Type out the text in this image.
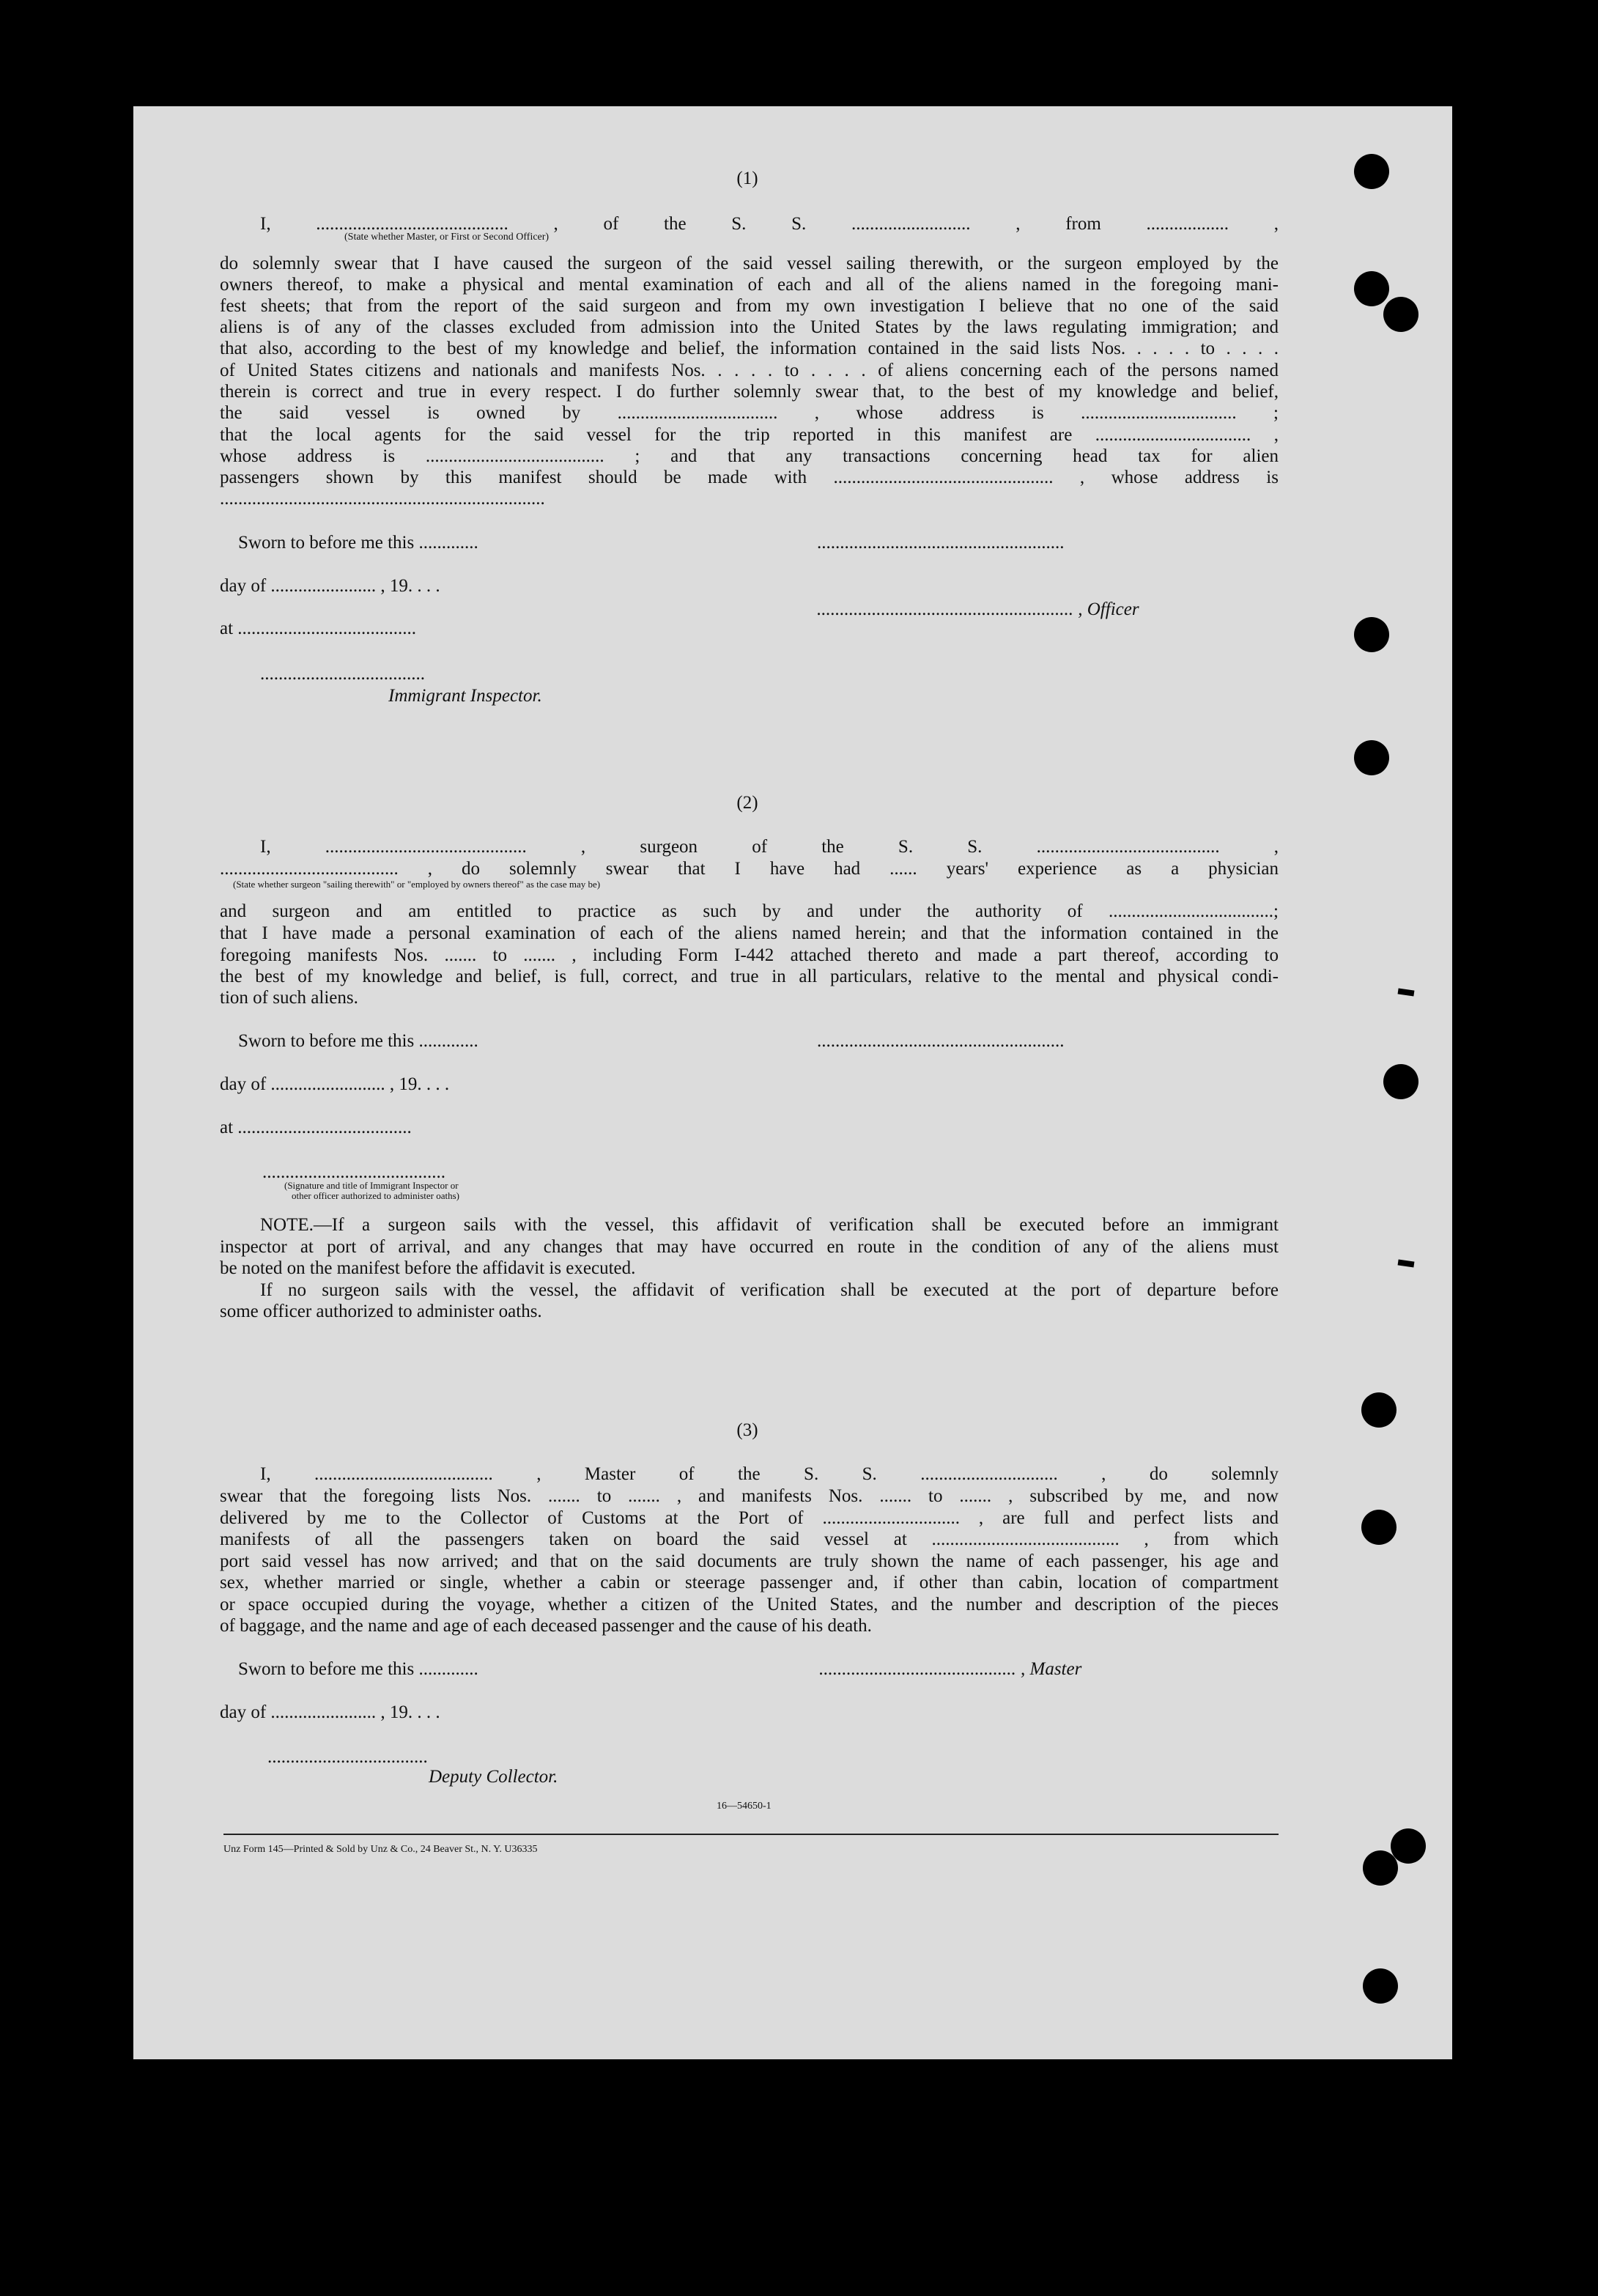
(1)
I, .......................................... , of the S. S. .......................... , from .................. ,
(State whether Master, or First or Second Officer)
do solemnly swear that I have caused the surgeon of the said vessel sailing therewith, or the surgeon employed by the
owners thereof, to make a physical and mental examination of each and all of the aliens named in the foregoing mani-
fest sheets; that from the report of the said surgeon and from my own investigation I believe that no one of the said
aliens is of any of the classes excluded from admission into the United States by the laws regulating immigration; and
that also, according to the best of my knowledge and belief, the information contained in the said lists Nos. . . . . to . . . .
of United States citizens and nationals and manifests Nos. . . . . to . . . . of aliens concerning each of the persons named
therein is correct and true in every respect. I do further solemnly swear that, to the best of my knowledge and belief,
the said vessel is owned by ................................... , whose address is .................................. ;
that the local agents for the said vessel for the trip reported in this manifest are .................................. ,
whose address is ....................................... ; and that any transactions concerning head tax for alien
passengers shown by this manifest should be made with ................................................ , whose address is
.......................................................................
Sworn to before me this .............	......................................................
day of ....................... , 19. . . .
........................................................ , Officer
at .......................................
....................................
Immigrant Inspector.
(2)
I, ............................................ , surgeon of the S. S. ........................................ ,
....................................... , do solemnly swear that I have had ...... years' experience as a physician
(State whether surgeon "sailing therewith" or "employed by owners thereof" as the case may be)
and surgeon and am entitled to practice as such by and under the authority of ....................................;
that I have made a personal examination of each of the aliens named herein; and that the information contained in the
foregoing manifests Nos. ....... to ....... , including Form I-442 attached thereto and made a part thereof, according to
the best of my knowledge and belief, is full, correct, and true in all particulars, relative to the mental and physical condi-
tion of such aliens.
Sworn to before me this .............	......................................................
day of ......................... , 19. . . .
at ......................................
........................................
(Signature and title of Immigrant Inspector or
other officer authorized to administer oaths)
NOTE.—If a surgeon sails with the vessel, this affidavit of verification shall be executed before an immigrant
inspector at port of arrival, and any changes that may have occurred en route in the condition of any of the aliens must
be noted on the manifest before the affidavit is executed.
If no surgeon sails with the vessel, the affidavit of verification shall be executed at the port of departure before
some officer authorized to administer oaths.
(3)
I, ....................................... , Master of the S. S. .............................. , do solemnly
swear that the foregoing lists Nos. ....... to ....... , and manifests Nos. ....... to ....... , subscribed by me, and now
delivered by me to the Collector of Customs at the Port of .............................. , are full and perfect lists and
manifests of all the passengers taken on board the said vessel at ......................................... , from which
port said vessel has now arrived; and that on the said documents are truly shown the name of each passenger, his age and
sex, whether married or single, whether a cabin or steerage passenger and, if other than cabin, location of compartment
or space occupied during the voyage, whether a citizen of the United States, and the number and description of the pieces
of baggage, and the name and age of each deceased passenger and the cause of his death.
Sworn to before me this .............	........................................... , Master
day of ....................... , 19. . . .
...................................
Deputy Collector.
16—54650-1
Unz Form 145—Printed & Sold by Unz & Co., 24 Beaver St., N. Y. U36335
